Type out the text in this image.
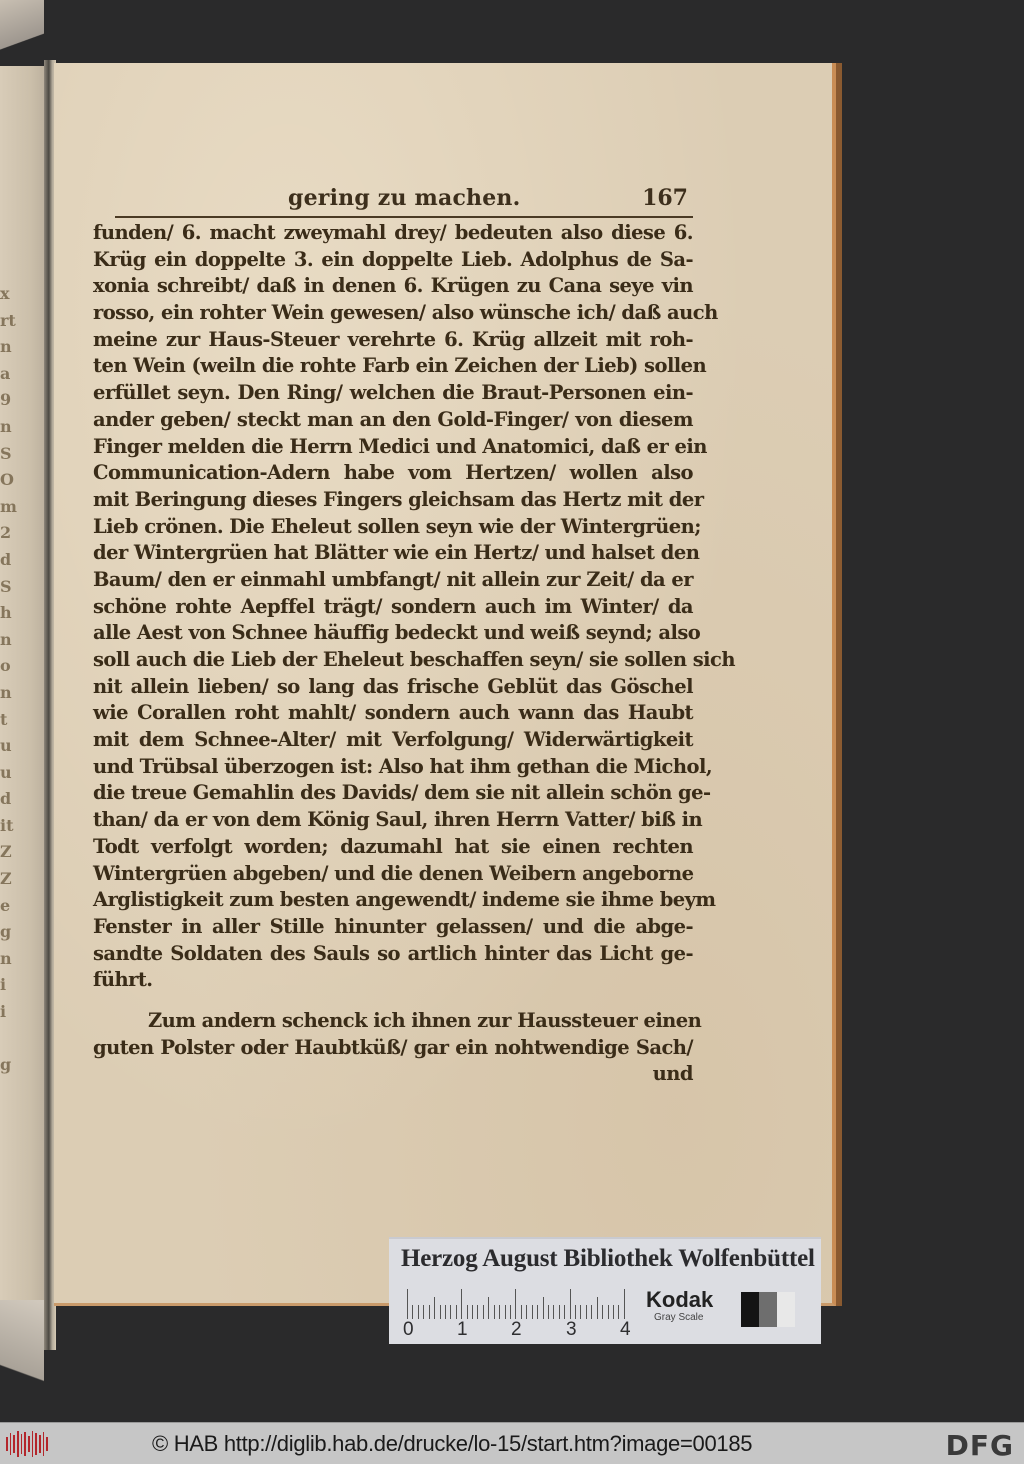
x
rt
n
a
9
n
S
O
m
2
d
S
h
n
o
n
t
u
u
d
it
Z
Z
e
g
n
i
i

g
gering zu machen.	167
funden/ 6. macht zweymahl drey/ bedeuten also diese 6.
Krüg ein doppelte 3. ein doppelte Lieb. Adolphus de Sa-
xonia schreibt/ daß in denen 6. Krügen zu Cana seye vin
rosso, ein rohter Wein gewesen/ also wünsche ich/ daß auch
meine zur Haus-Steuer verehrte 6. Krüg allzeit mit roh-
ten Wein (weiln die rohte Farb ein Zeichen der Lieb) sollen
erfüllet seyn. Den Ring/ welchen die Braut-Personen ein-
ander geben/ steckt man an den Gold-Finger/ von diesem
Finger melden die Herrn Medici und Anatomici, daß er ein
Communication-Adern habe vom Hertzen/ wollen also
mit Beringung dieses Fingers gleichsam das Hertz mit der
Lieb crönen. Die Eheleut sollen seyn wie der Wintergrüen;
der Wintergrüen hat Blätter wie ein Hertz/ und halset den
Baum/ den er einmahl umbfangt/ nit allein zur Zeit/ da er
schöne rohte Aepffel trägt/ sondern auch im Winter/ da
alle Aest von Schnee häuffig bedeckt und weiß seynd; also
soll auch die Lieb der Eheleut beschaffen seyn/ sie sollen sich
nit allein lieben/ so lang das frische Geblüt das Göschel
wie Corallen roht mahlt/ sondern auch wann das Haubt
mit dem Schnee-Alter/ mit Verfolgung/ Widerwärtigkeit
und Trübsal überzogen ist: Also hat ihm gethan die Michol,
die treue Gemahlin des Davids/ dem sie nit allein schön ge-
than/ da er von dem König Saul, ihren Herrn Vatter/ biß in
Todt verfolgt worden; dazumahl hat sie einen rechten
Wintergrüen abgeben/ und die denen Weibern angeborne
Arglistigkeit zum besten angewendt/ indeme sie ihme beym
Fenster in aller Stille hinunter gelassen/ und die abge-
sandte Soldaten des Sauls so artlich hinter das Licht ge-
führt.
Zum andern schenck ich ihnen zur Haussteuer einen
guten Polster oder Haubtküß/ gar ein nohtwendige Sach/
und
Herzog August Bibliothek Wolfenbüttel
0 1 2 3 4
Kodak
Gray Scale
© HAB http://diglib.hab.de/drucke/lo-15/start.htm?image=00185	DFG
